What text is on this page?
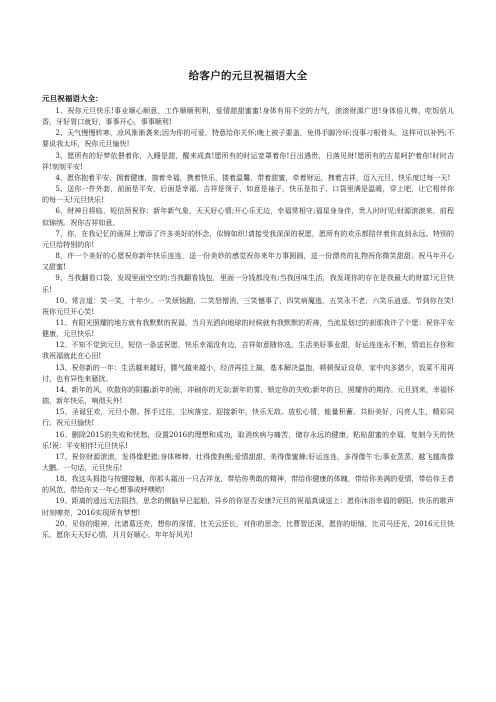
给客户的元旦祝福语大全

元旦祝福语大全：

1、祝你元旦快乐!事业顺心顺意，工作顺顺利利，爱情甜甜蜜蜜!身体有用不完的力气，滚滚财源广进!身体倍儿棒，吃饭倍儿香，牙好胃口就好，事事开心，事事顺利!

2、天气慢慢转寒，凉风渐渐袭来;因为你的可爱，特意给你关怀;晚上被子要盖，免得手脚冷坏;没事刁根骨头，这样可以补钙;不要说我太坏，祝你元旦愉快!

3、愿所有的好梦依偎着你，入睡是甜，醒来成真!愿所有的时运宽罩着你!日出遇贵，日落见财!愿所有的吉星呵护着你!时时吉祥!刻刻平安!

4、愿你抱着平安，拥着健康，揣着幸福，携着快乐，搂着温馨，带着甜蜜，牵着财运，拽着吉祥，迈入元旦，快乐度过每一天!

5、送你一件外套，前面是平安，后面是幸福，吉祥是领子，如意是袖子，快乐是扣子，口袋里满是温暖，穿上吧，让它相伴你的每一天!元旦快乐!

6、财神日将临，短信预祝你：新年新气象，天天好心情;开心乐无边，幸福常相守;福星身身伴，贵人时时见;财源滚滚来，前程似锦绣。祝你吉祥如意。

7、你，在我记忆的画屏上增添了许多美好的怀念，似锦如织!请接受我深深的祝愿，愿所有的欢乐都陪伴着你直到永远。特别的元旦给特别的你!

8、许一个美好的心愿祝你新年快乐连连，送一份美妙的感觉祝你来年万事圆圆，送一份漂亮的礼物祝你微笑甜甜。祝马年开心又甜蜜!

9、当我翻看口袋，发现里面空空的;当我翻看钱包，里面一分钱都没有;当我回味生活，我发现你的存在是我最大的财富!元旦快乐!

10、常言道：笑一笑，十年少。一笑烦恼跑，二笑怒憎消，三笑憾事了，四笑病魔逃，五笑永不老，六笑乐逍遥。节到你在笑!祝你元旦开心笑!

11、有阳光照耀的地方就有我默默的祝福，当月光洒向地球的时候就有我默默的祈祷，当流星划过的刹那我许了个愿：祝你平安健康，元旦快乐!

12、不知不觉到元旦，短信一条送祝愿，快乐幸福没有边，吉祥如意随你选，生活美好事业甜，好运连连永不断，情谊长存你和我祝福就此在心田!

13、祝你新的一年：生活越来越好，腰气越来越小，经济再往上搞，基本解决温饱，顿顿保证设草，家中肉多猪少，饭菜不用再讨，也有异性来骚扰。

14、新年的风，吹散你的阴霾;新年的雨，冲刷你的无奈;新年的雾，锁定你的失败;新年的日，照耀你的期待。元旦到来，幸福怀揣，新年快乐，响彻天外!

15、圣诞狂欢，元旦小憩。挥手过往，尘埃落定。迎接新年，快乐无敌。放松心情，能量积蓄。共盼美好，闪亮人生，精彩同行。祝元旦愉快!

16、删除2015的失败和忧愁，设置2016的理想和成功，取消疾病与痛苦，储存永远的健康，粘贴甜蜜的幸福，复制今天的快乐!祝：平安相伴!元旦快乐!

17、祝你财源滚滚，发得像肥猪;身体棒棒，壮得像狗熊;爱情甜甜，美得像蜜蜂;好运连连，多得像牛毛;事业蒸蒸，越飞越高像大鹏。一句话，元旦快乐!

18、我这头拇指与按键接触，你那头霜出一只吉祥龙，带给你勇敢的精神，带给你健康的体魄，带给你美满的爱情，带给你王者的风范，带给你又一年心想事成呼嘿哟!

19、距离的遥远无法阻挡，思念的侧脑早已起舶，异乡的你是否安康?元旦的祝福真诚送上：愿你沐浴幸福的朝阳，快乐的歌声时刻嘹亮，2016实现所有梦想!

20、见你的眼神，比诸葛还亮，想你的深情，比关云还长，对你的思念，比曹智还深，愿你的烦恼，比司马还光，2016元旦快乐，愿你天天好心情，月月好顺心，年年好风光!
